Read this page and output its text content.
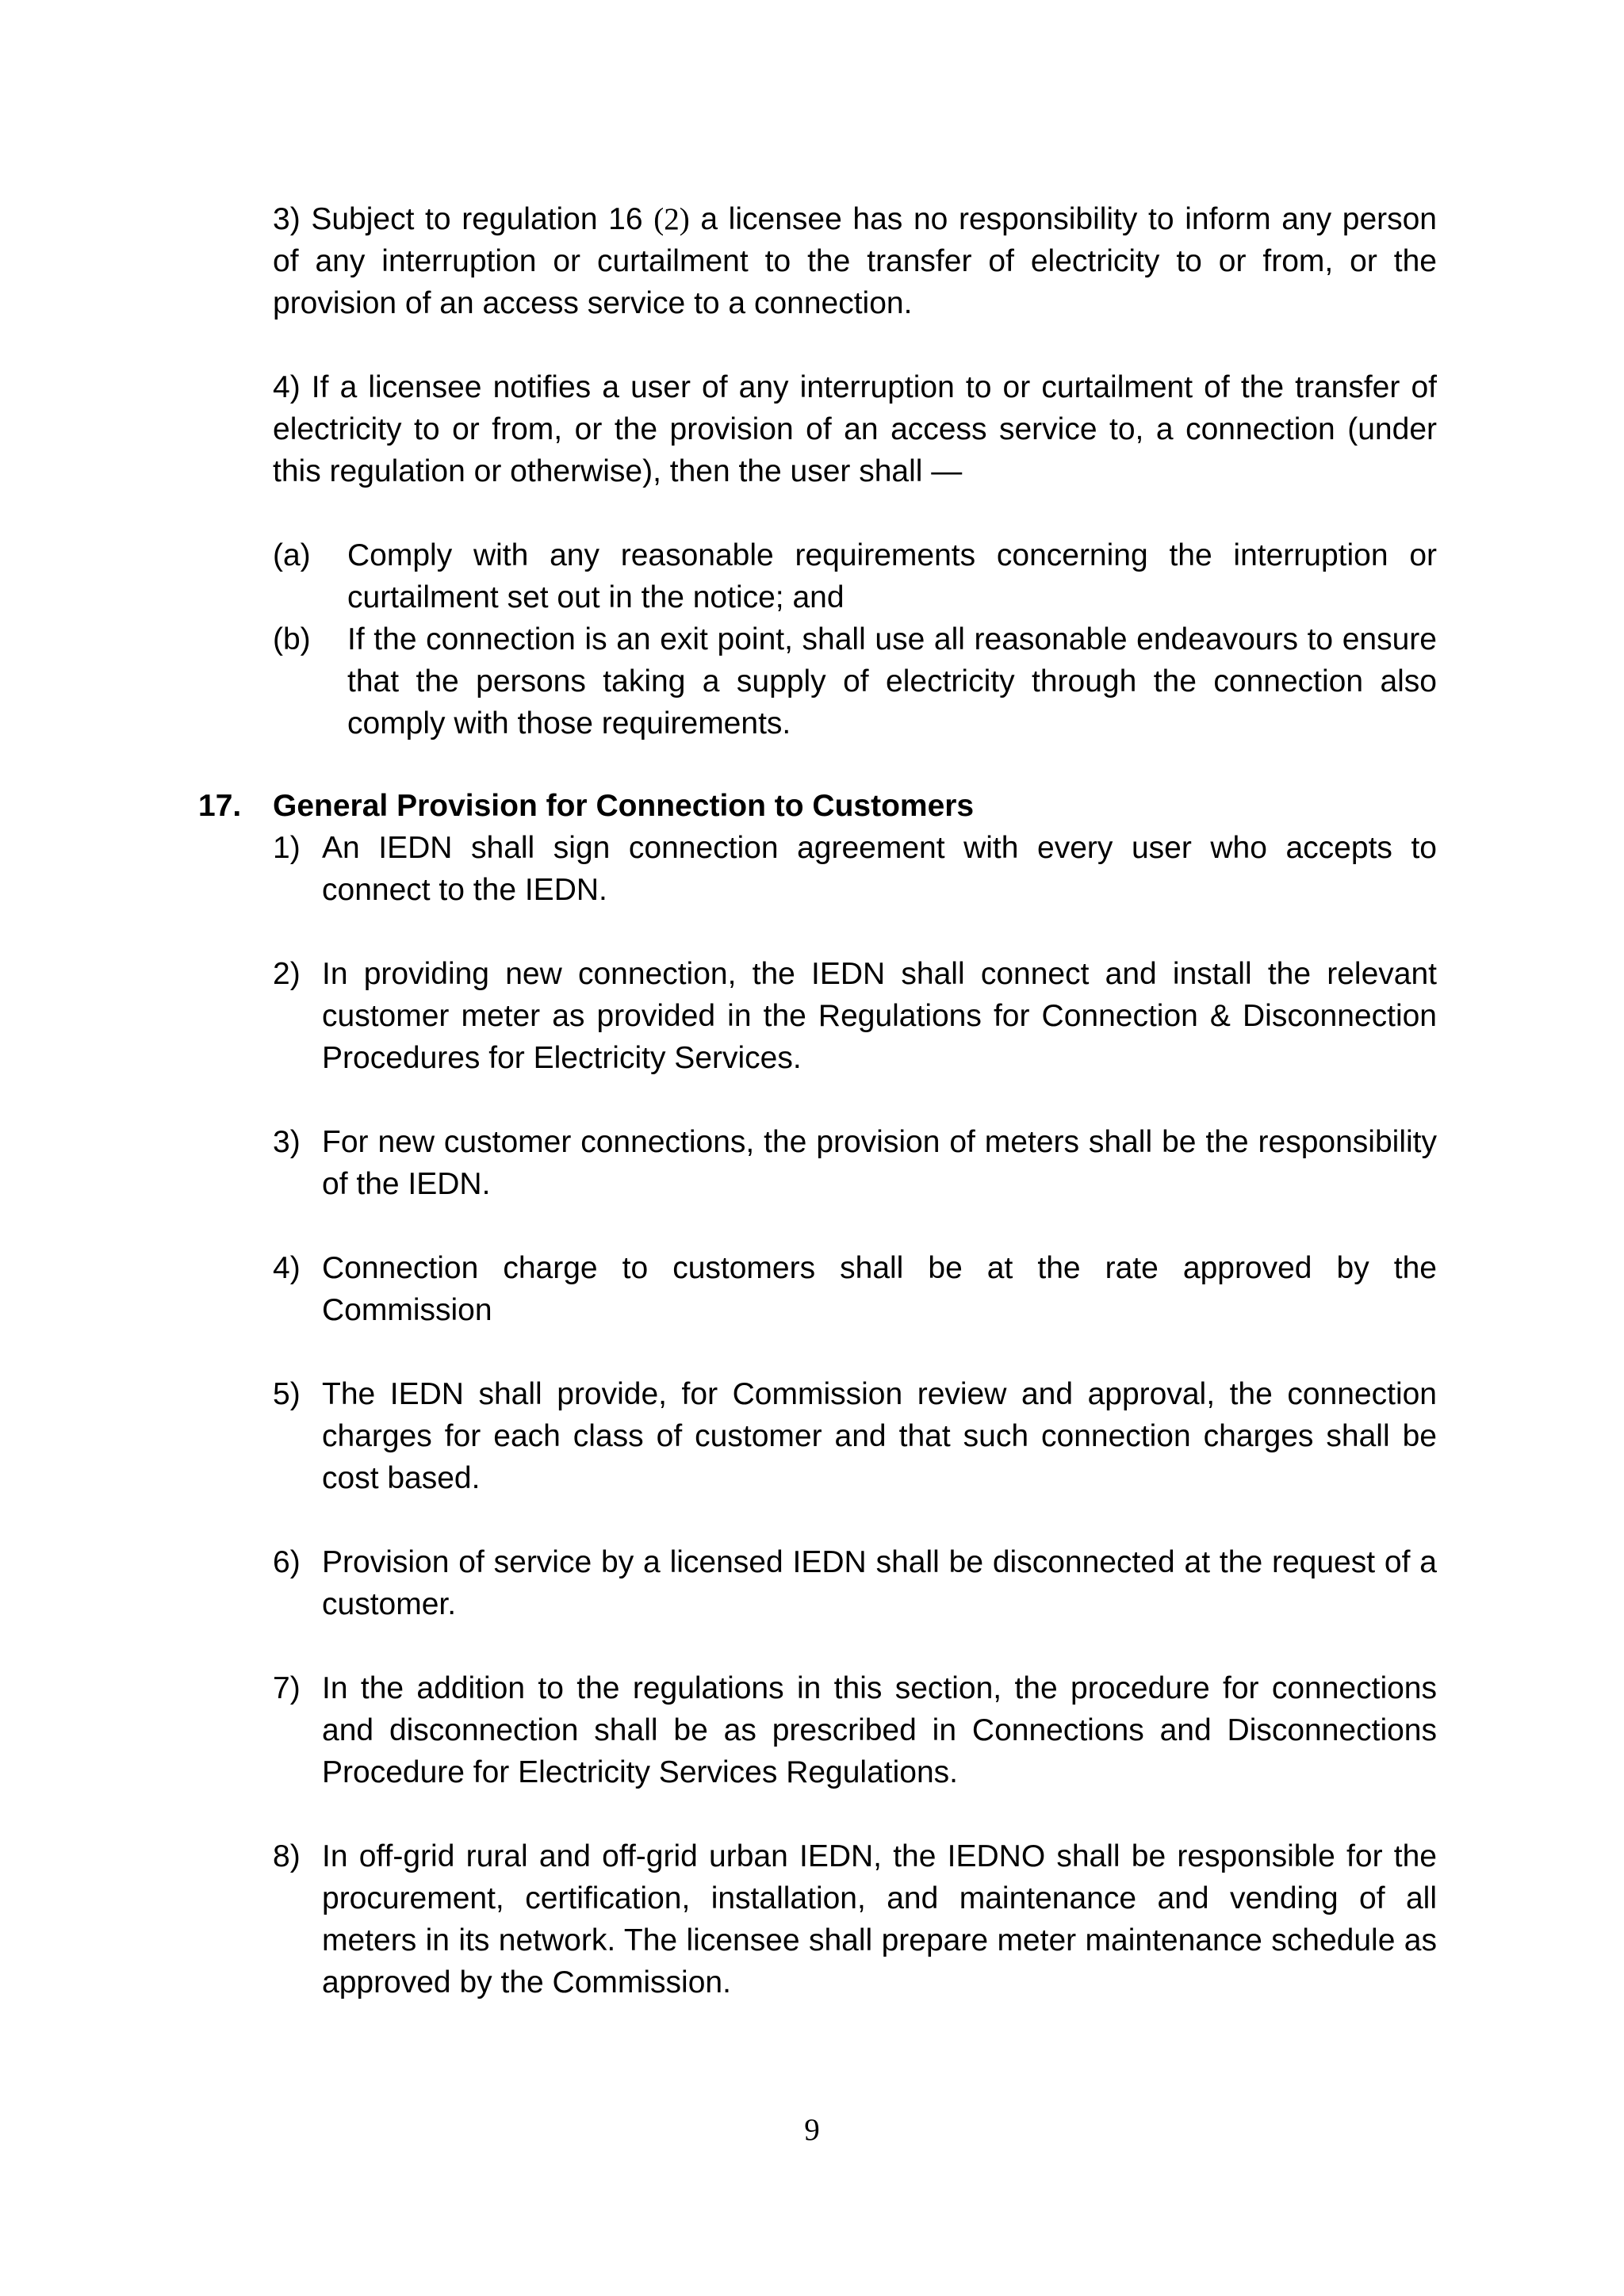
3) Subject to regulation 16 (2) a licensee has no responsibility to inform any person of any interruption or curtailment to the transfer of electricity to or from, or the provision of an access service to a connection.
4) If a licensee notifies a user of any interruption to or curtailment of the transfer of electricity to or from, or the provision of an access service to, a connection (under this regulation or otherwise), then the user shall —
(a)	Comply with any reasonable requirements concerning the interruption or curtailment set out in the notice; and
(b)	If the connection is an exit point, shall use all reasonable endeavours to ensure that the persons taking a supply of electricity through the connection also comply with those requirements.
17.	General Provision for Connection to Customers
1) An IEDN shall sign connection agreement with every user who accepts to connect to the IEDN.
2) In providing new connection, the IEDN shall connect and install the relevant customer meter as provided in the Regulations for Connection & Disconnection Procedures for Electricity Services.
3) For new customer connections, the provision of meters shall be the responsibility of the IEDN.
4) Connection charge to customers shall be at the rate approved by the Commission
5) The IEDN shall provide, for Commission review and approval, the connection charges for each class of customer and that such connection charges shall be cost based.
6) Provision of service by a licensed IEDN shall be disconnected at the request of a customer.
7) In the addition to the regulations in this section, the procedure for connections and disconnection shall be as prescribed in Connections and Disconnections Procedure for Electricity Services Regulations.
8) In off-grid rural and off-grid urban IEDN, the IEDNO shall be responsible for the procurement, certification, installation, and maintenance and vending of all meters in its network. The licensee shall prepare meter maintenance schedule as approved by the Commission.
9
